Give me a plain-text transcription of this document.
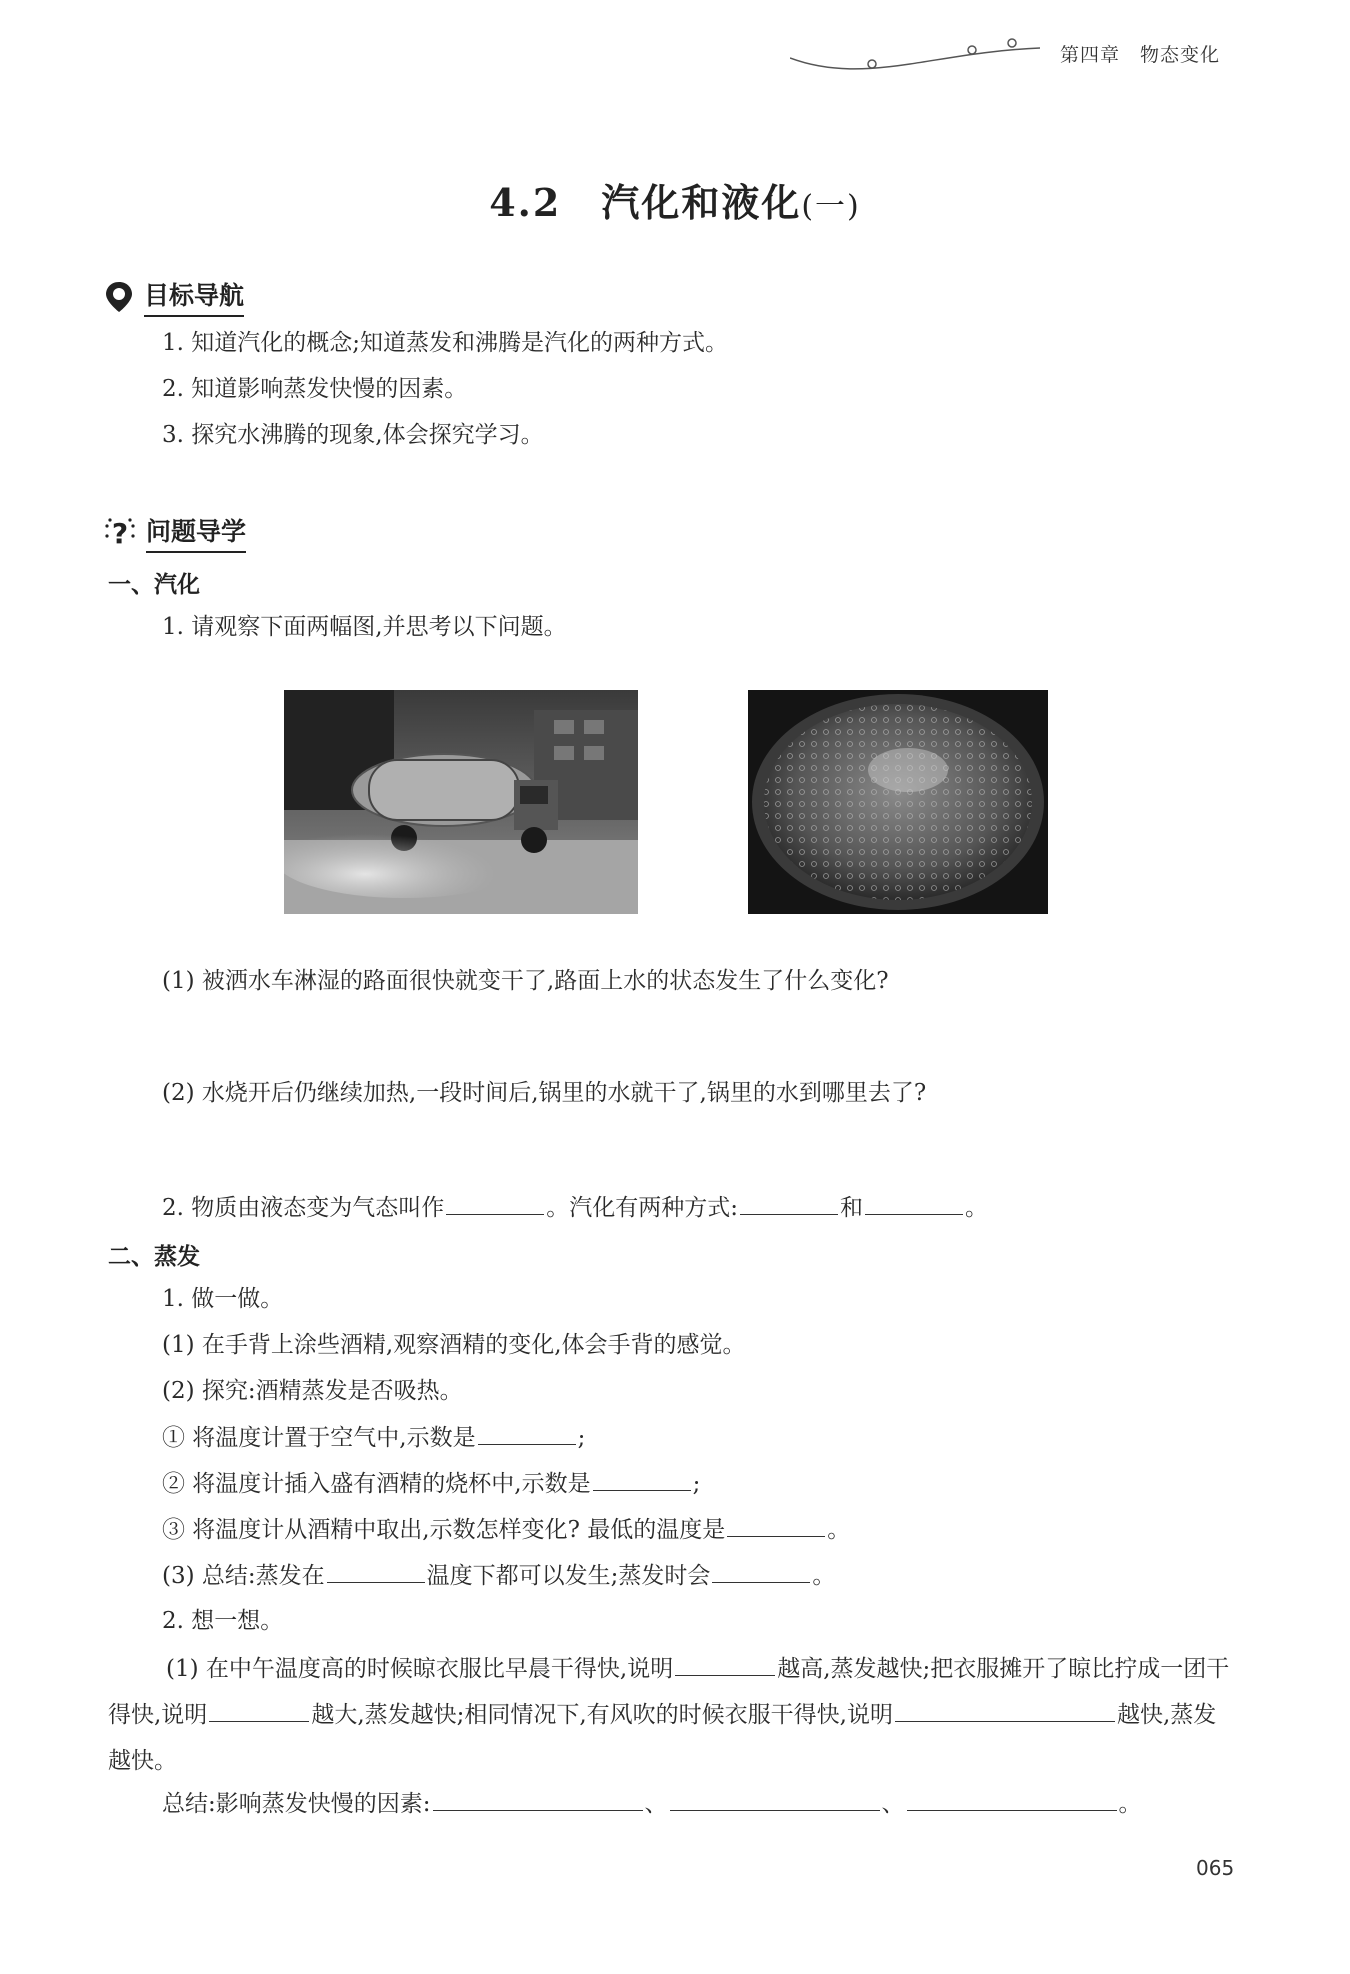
第四章　物态变化
4.2　汽化和液化(一)
目标导航
1. 知道汽化的概念;知道蒸发和沸腾是汽化的两种方式。
2. 知道影响蒸发快慢的因素。
3. 探究水沸腾的现象,体会探究学习。
? 问题导学
一、汽化
1. 请观察下面两幅图,并思考以下问题。
(1) 被洒水车淋湿的路面很快就变干了,路面上水的状态发生了什么变化?
(2) 水烧开后仍继续加热,一段时间后,锅里的水就干了,锅里的水到哪里去了?
2. 物质由液态变为气态叫作	。汽化有两种方式:	和	。
二、蒸发
1. 做一做。
(1) 在手背上涂些酒精,观察酒精的变化,体会手背的感觉。
(2) 探究:酒精蒸发是否吸热。
① 将温度计置于空气中,示数是	;
② 将温度计插入盛有酒精的烧杯中,示数是	;
③ 将温度计从酒精中取出,示数怎样变化? 最低的温度是	。
(3) 总结:蒸发在	温度下都可以发生;蒸发时会	。
2. 想一想。
(1) 在中午温度高的时候晾衣服比早晨干得快,说明	越高,蒸发越快;把衣服摊开了晾比拧成一团干得快,说明	越大,蒸发越快;相同情况下,有风吹的时候衣服干得快,说明	越快,蒸发越快。
总结:影响蒸发快慢的因素:	、	、	。
065
